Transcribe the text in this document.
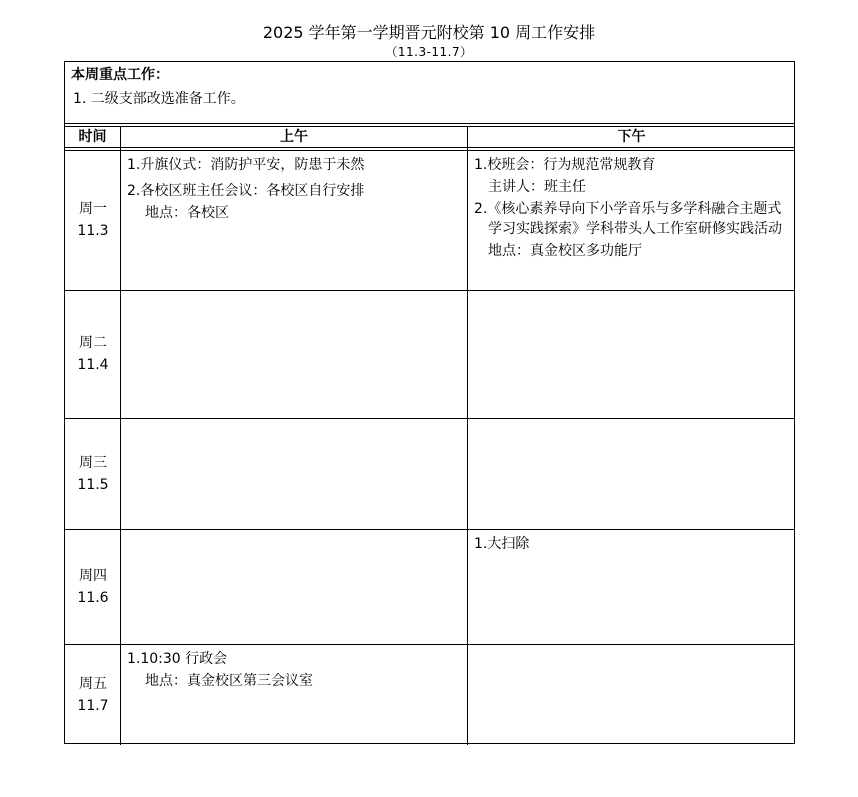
2025 学年第一学期晋元附校第 10 周工作安排
（11.3-11.7）
本周重点工作：
1. 二级支部改选准备工作。
时间	上午	下午
周一
11.3

1.升旗仪式：消防护平安，防患于未然

2.各校区班主任会议：各校区自行安排

地点：各校区

1.校班会：行为规范常规教育

主讲人：班主任

2.《核心素养导向下小学音乐与多学科融合主题式学习实践探索》学科带头人工作室研修实践活动

地点：真金校区多功能厅

周二
11.4
周三
11.5
周四
11.6

1.大扫除

周五
11.7

1.10:30 行政会

地点：真金校区第三会议室
